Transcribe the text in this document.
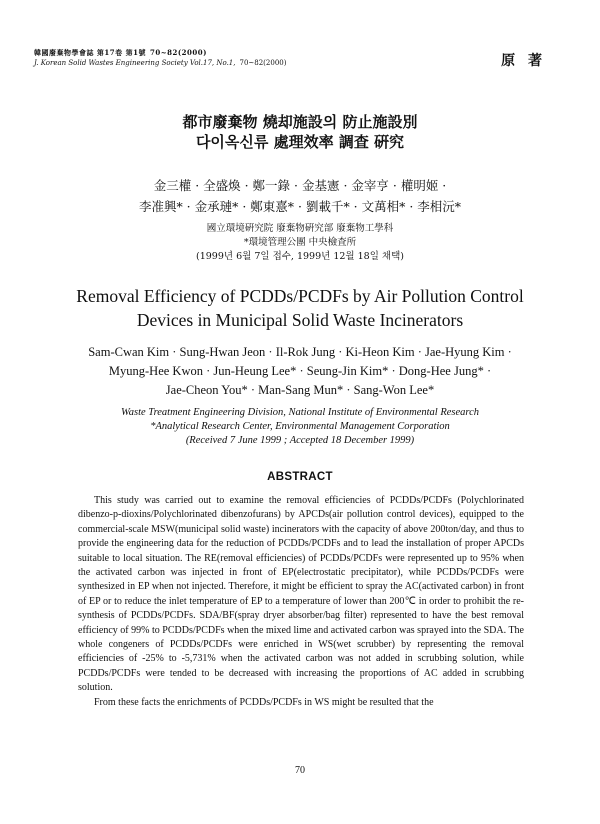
韓國廢棄物學會誌 第17卷 第1號 70~82(2000)
J. Korean Solid Wastes Engineering Society Vol.17, No.1, 70~82(2000)	原 著
都市廢棄物 燒却施設의 防止施設別
다이옥신류 處理效率 調査 硏究
金三權 · 全盛煥 · 鄭一錄 · 金基憲 · 金宰亨 · 權明姬 ·
李准興* · 金承璉* · 鄭東憙* · 劉載千* · 文萬相* · 李相沅*
國立環境硏究院 廢棄物硏究部 廢棄物工學科
*環境管理公團 中央檢査所
(1999년 6월 7일 접수, 1999년 12월 18일 채택)
Removal Efficiency of PCDDs/PCDFs by Air Pollution Control
Devices in Municipal Solid Waste Incinerators
Sam-Cwan Kim · Sung-Hwan Jeon · Il-Rok Jung · Ki-Heon Kim · Jae-Hyung Kim ·
Myung-Hee Kwon · Jun-Heung Lee* · Seung-Jin Kim* · Dong-Hee Jung* ·
Jae-Cheon You* · Man-Sang Mun* · Sang-Won Lee*
Waste Treatment Engineering Division, National Institute of Environmental Research
*Analytical Research Center, Environmental Management Corporation
(Received 7 June 1999 ; Accepted 18 December 1999)
ABSTRACT

This study was carried out to examine the removal efficiencies of PCDDs/PCDFs (Polychlorinated dibenzo-p-dioxins/Polychlorinated dibenzofurans) by APCDs(air pollution control devices), equipped to the commercial-scale MSW(municipal solid waste) incinerators with the capacity of above 200ton/day, and thus to provide the engineering data for the reduction of PCDDs/PCDFs and to lead the installation of proper APCDs suitable to local situation. The RE(removal efficiencies) of PCDDs/PCDFs were represented up to 95% when the activated carbon was injected in front of EP(electrostatic precipitator), while PCDDs/PCDFs were synthesized in EP when not injected. Therefore, it might be efficient to spray the AC(activated carbon) in front of EP or to reduce the inlet temperature of EP to a temperature of lower than 200℃ in order to prohibit the re-synthesis of PCDDs/PCDFs. SDA/BF(spray dryer absorber/bag filter) represented to have the best removal efficiency of 99% to PCDDs/PCDFs when the mixed lime and activated carbon was sprayed into the SDA. The whole congeners of PCDDs/PCDFs were enriched in WS(wet scrubber) by representing the removal efficiencies of -25% to -5,731% when the activated carbon was not added in scrubbing solution, while PCDDs/PCDFs were tended to be decreased with increasing the proportions of AC added in scrubbing solution.

From these facts the enrichments of PCDDs/PCDFs in WS might be resulted that the

70
